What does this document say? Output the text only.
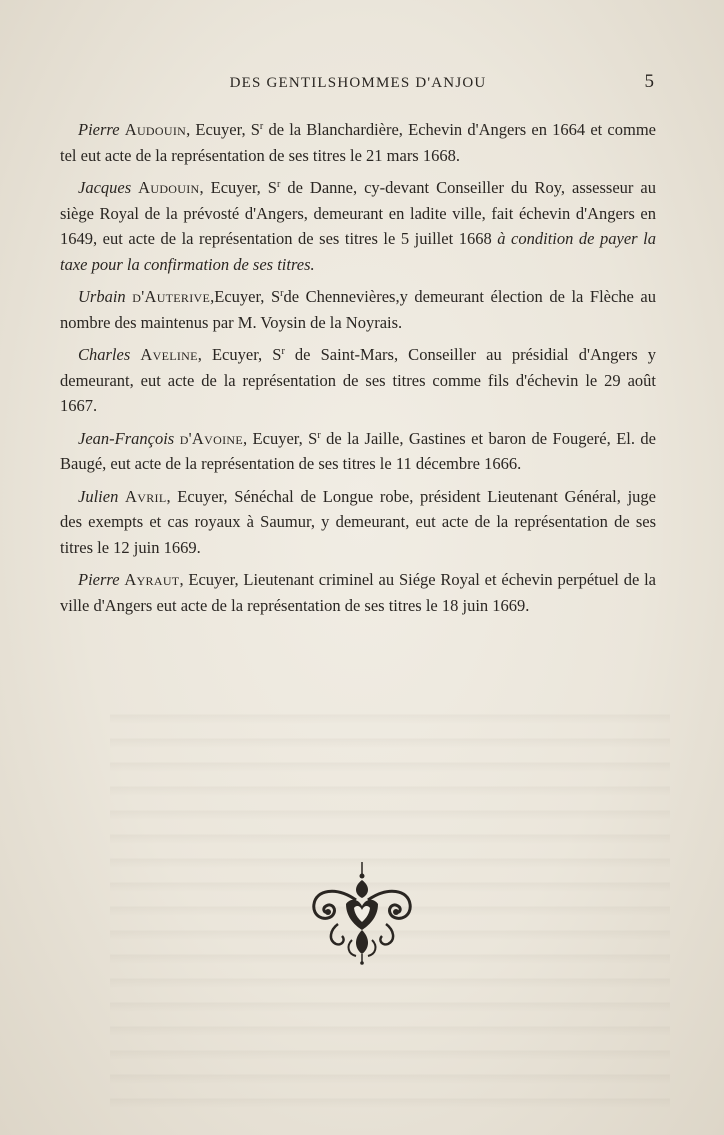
DES GENTILSHOMMES D'ANJOU	5

Pierre Audouin, Ecuyer, $S^r$ de la Blanchardière, Echevin d'Angers en 1664 et comme tel eut acte de la représentation de ses titres le 21 mars 1668.

Jacques Audouin, Ecuyer, $S^r$ de Danne, cy-devant Conseiller du Roy, assesseur au siège Royal de la prévosté d'Angers, demeurant en ladite ville, fait échevin d'Angers en 1649, eut acte de la représentation de ses titres le 5 juillet 1668 à condition de payer la taxe pour la confirmation de ses titres.

Urbain d'Auterive,Ecuyer, $S^rde$ Chennevières,y demeurant élection de la Flèche au nombre des maintenus par M. Voysin de la Noyrais.

Charles Aveline, Ecuyer, $S^r$ de Saint-Mars, Conseiller au présidial d'Angers y demeurant, eut acte de la représentation de ses titres comme fils d'échevin le 29 août 1667.

Jean-François d'Avoine, Ecuyer, $S^r$ de la Jaille, Gastines et baron de Fougeré, El. de Baugé, eut acte de la représentation de ses titres le 11 décembre 1666.

Julien Avril, Ecuyer, Sénéchal de Longue robe, président Lieutenant Général, juge des exempts et cas royaux à Saumur, y demeurant, eut acte de la représentation de ses titres le 12 juin 1669.

Pierre Ayraut, Ecuyer, Lieutenant criminel au Siége Royal et échevin perpétuel de la ville d'Angers eut acte de la représentation de ses titres le 18 juin 1669.
